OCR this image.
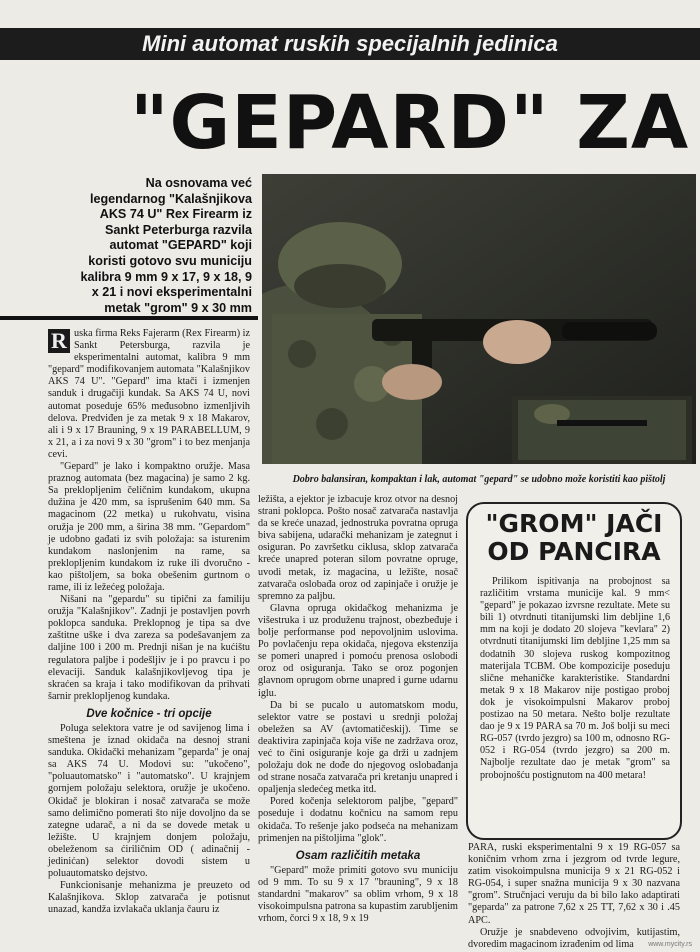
Mini automat ruskih specijalnih jedinica
"GEPARD" ZA
Na osnovama već legendarnog "Kalašnjikova AKS 74 U" Rex Firearm iz Sankt Peterburga razvila automat "GEPARD" koji koristi gotovo svu municiju kalibra 9 mm 9 x 17, 9 x 18, 9 x 21 i novi eksperimentalni metak "grom" 9 x 30 mm
Dobro balansiran, kompaktan i lak, automat "gepard" se udobno može koristiti kao pištolj

R uska firma Reks Fajerarm (Rex Firearm) iz Sankt Petersburga, razvila je eksperimentalni automat, kalibra 9 mm "gepard" modifikovanjem automata "Kalašnjikov AKS 74 U". "Gepard" ima ktači i izmenjen sanduk i drugačiji kundak. Sa AKS 74 U, novi automat poseduje 65% međusobno izmenljivih delova. Predviđen je za metak 9 x 18 Makarov, ali i 9 x 17 Brauning, 9 x 19 PARABELLUM, 9 x 21, a i za novi 9 x 30 "grom" i to bez menjanja cevi.

"Gepard" je lako i kompaktno oružje. Masa praznog automata (bez magacina) je samo 2 kg. Sa preklopljenim čeličnim kundakom, ukupna dužina je 420 mm, sa isprušenim 640 mm. Sa magacinom (22 metka) u rukohvatu, visina oružja je 200 mm, a širina 38 mm. "Gepardom" je udobno gađati iz svih položaja: sa isturenim kundakom naslonjenim na rame, sa preklopljenim kundakom iz ruke ili dvoručno - kao pištoljem, sa boka obešenim gurtnom o rame, ili iz ležećeg položaja.

Nišani na "gepardu" su tipični za familiju oružja "Kalašnjikov". Zadnji je postavljen povrh poklopca sanduka. Preklopnog je tipa sa dve zaštitne uške i dva zareza sa podešavanjem za daljine 100 i 200 m. Prednji nišan je na kućištu regulatora paljbe i podešljiv je i po pravcu i po elevaciji. Sanduk kalašnjikovljevog tipa je skraćen sa kraja i tako modifikovan da prihvati šarnir preklopljenog kundaka.

Dve kočnice - tri opcije

Poluga selektora vatre je od savijenog lima i smeštena je iznad okidača na desnoj strani sanduka. Okidački mehanizam "geparda" je onaj sa AKS 74 U. Modovi su: "ukočeno", "poluautomatsko" i "automatsko". U krajnjem gornjem položaju selektora, oružje je ukočeno. Okidač je blokiran i nosač zatvarača se može samo delimično pomerati što nije dovoljno da se zategne udarač, a ni da se dovede metak u ležište. U krajnjem donjem položaju, obeleženom sa ćiriličnim OD ( adinačnij - jedinićan) selektor dovodi sistem u poluautomatsko dejstvo.

Funkcionisanje mehanizma je preuzeto od Kalašnjikova. Sklop zatvarača je potisnut unazad, kandža izvlakača uklanja čauru iz

ležišta, a ejektor je izbacuje kroz otvor na desnoj strani poklopca. Pošto nosač zatvarača nastavlja da se kreće unazad, jednostruka povratna opruga biva sabijena, udarački mehanizam je zategnut i osiguran. Po završetku ciklusa, sklop zatvarača kreće unapred poteran silom povratne opruge, uvodi metak, iz magacina, u ležište, nosač zatvarača oslobađa oroz od zapinjače i oružje je spremno za paljbu.

Glavna opruga okidačkog mehanizma je višestruka i uz produženu trajnost, obezbeđuje i bolje performanse pod nepovoljnim uslovima. Po povlačenju repa okidača, njegova ekstenzija se pomeri unapred i pomoću prenosa oslobodi oroz od osiguranja. Tako se oroz pogonjen glavnom oprugom obrne unapred i gurne udarnu iglu.

Da bi se pucalo u automatskom modu, selektor vatre se postavi u srednji položaj obeležen sa AV (avtomatičeskij). Time se deaktivira zapinjača koja više ne zadržava oroz, već to čini osiguranje koje ga drži u zadnjem položaju dok ne dođe do njegovog oslobađanja od strane nosača zatvarača pri kretanju unapred i opaljenja sledećeg metka itd.

Pored kočenja selektorom paljbe, "gepard" poseduje i dodatnu kočnicu na samom repu okidača. To rešenje jako podseća na mehanizam primenjen na pištoljima "glok".

Osam različitih metaka

"Gepard" može primiti gotovo svu municiju od 9 mm. To su 9 x 17 "brauning", 9 x 18 standardni "makarov" sa oblim vrhom, 9 x 18 visokoimpulsna patrona sa kupastim zarubljenim vrhom, čorci 9 x 18, 9 x 19

"GROM" JAČI
OD PANCIRA

Prilikom ispitivanja na probojnost sa različitim vrstama municije kal. 9 mm< "gepard" je pokazao izvrsne rezultate. Mete su bili 1) otvrdnuti titanijumski lim debljine 1,6 mm na koji je dodato 20 slojeva "kevlara" 2) otvrdnuti titanijumski lim debljine 1,25 mm sa dodatnih 30 slojeva ruskog kompozitnog materijala TCBM. Obe kompozicije poseduju slične mehaničke karakteristike. Standardni metak 9 x 18 Makarov nije postigao proboj dok je visokoimpulsni Makarov proboj postizao na 50 metara. Nešto bolje rezultate dao je 9 x 19 PARA sa 70 m. Još bolji su meci RG-057 (tvrdo jezgro) sa 100 m, odnosno RG-052 i RG-054 (tvrdo jezgro) sa 200 m. Najbolje rezultate dao je metak "grom" sa probojnošću postignutom na 400 metara!

PARA, ruski eksperimentalni 9 x 19 RG-057 sa koničnim vrhom zrna i jezgrom od tvrde legure, zatim visokoimpulsna municija 9 x 21 RG-052 i RG-054, i super snažna municija 9 x 30 nazvana "grom". Stručnjaci veruju da bi bilo lako adaptirati "geparda" za patrone 7,62 x 25 TT, 7,62 x 30 i .45 APC.

Oružje je snabdeveno odvojivim, kutijastim, dvoredim magacinom izrađenim od lima	www.mycity.rs
